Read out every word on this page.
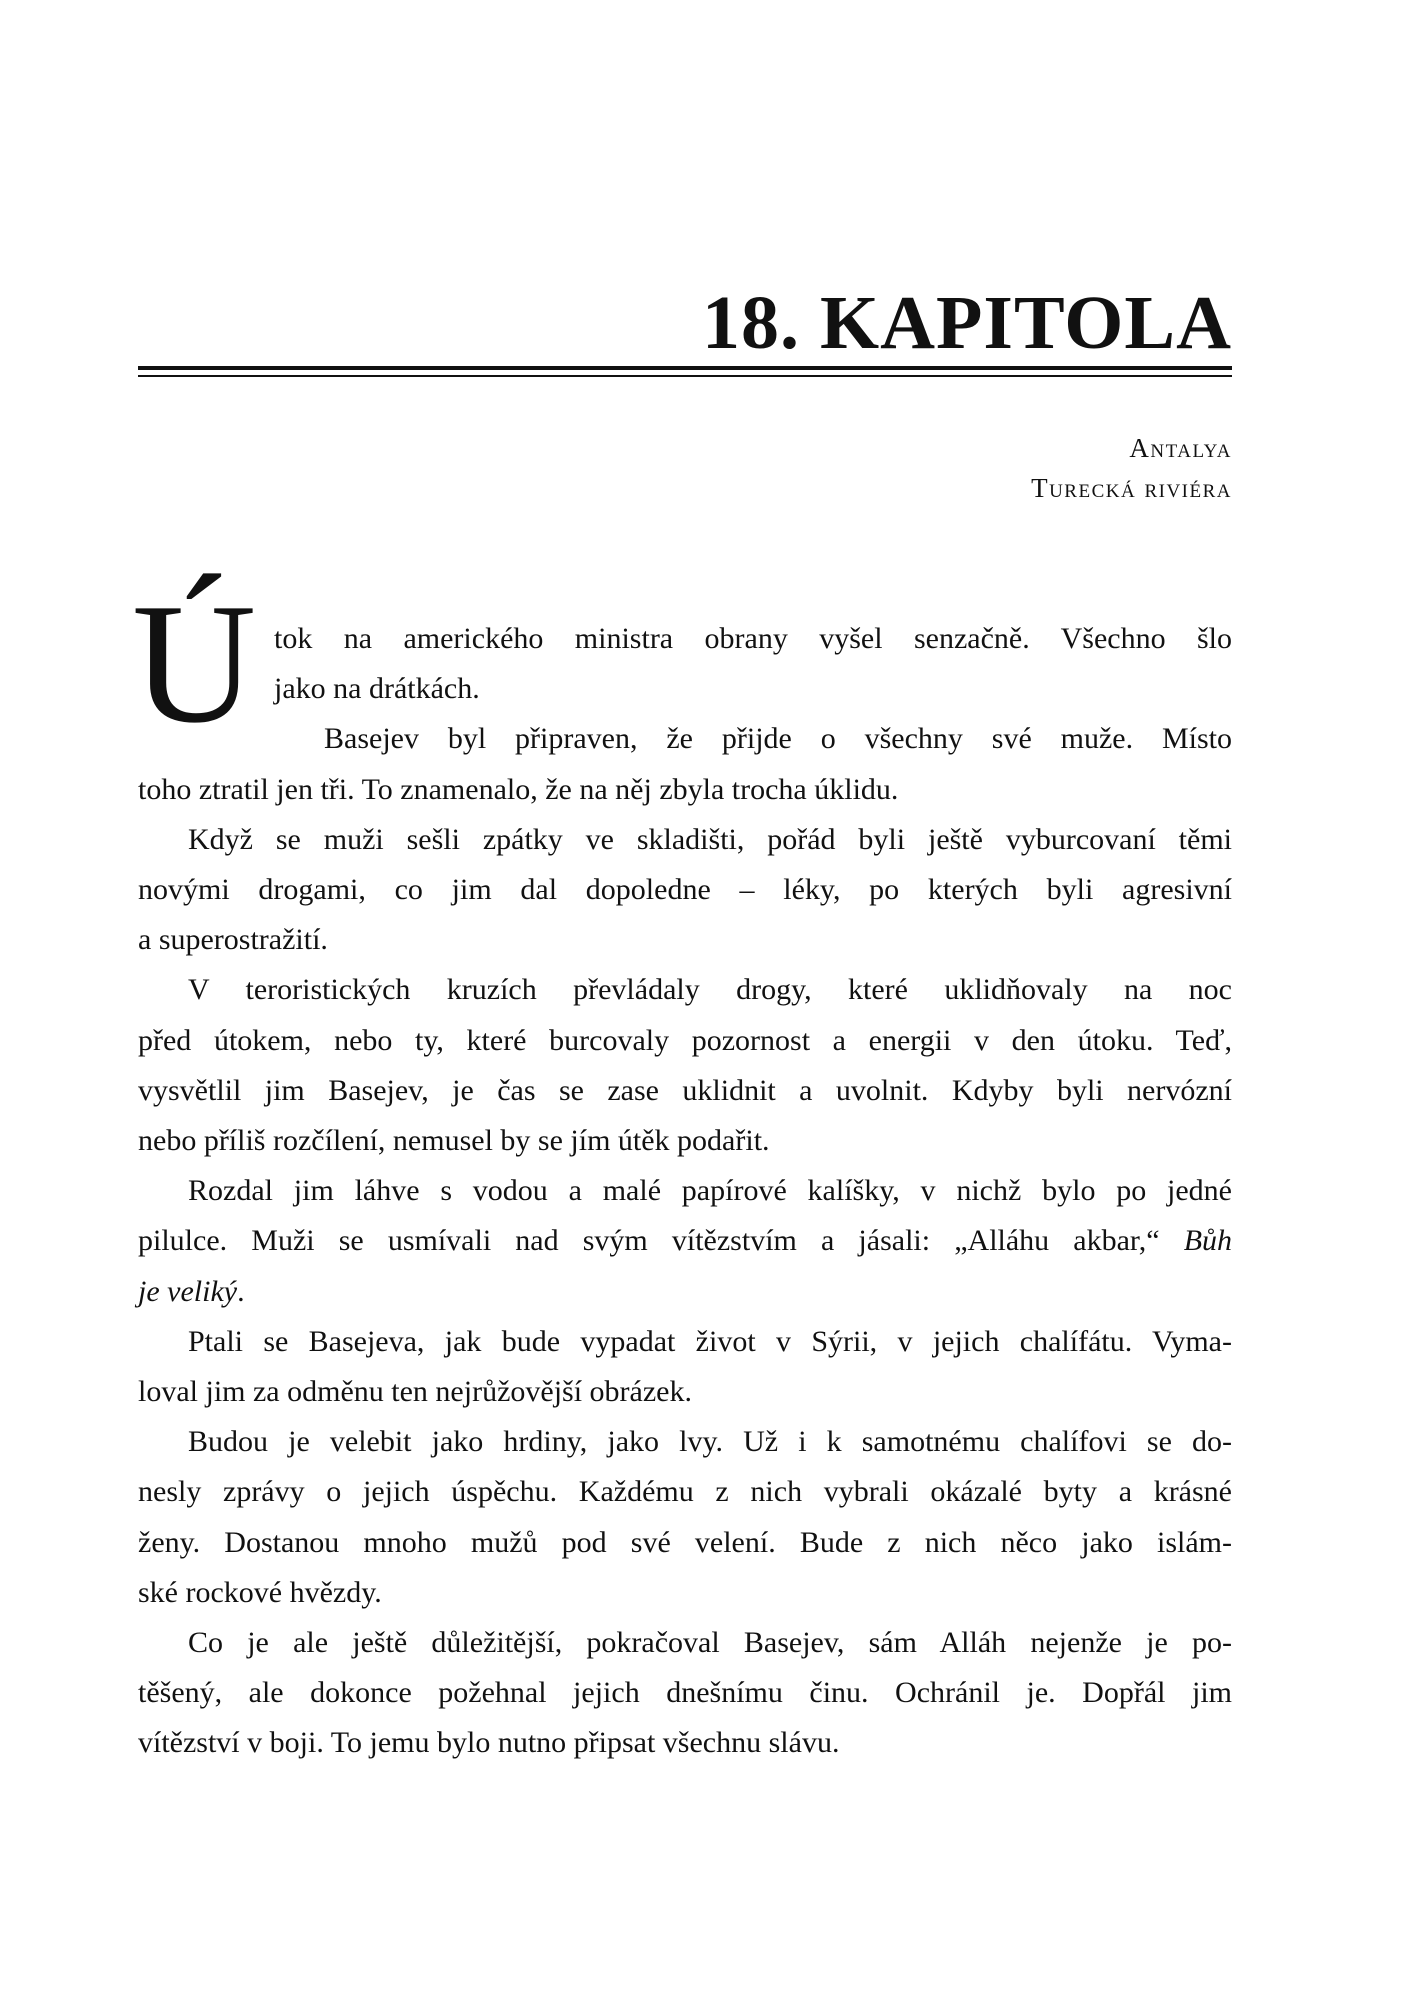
18. KAPITOLA
Antalya
Turecká riviéra
Ú tok na amerického ministra obrany vyšel senzačně. Všechno šlo
jako na drátkách.
Basejev byl připraven, že přijde o všechny své muže. Místo
toho ztratil jen tři. To znamenalo, že na něj zbyla trocha úklidu.
Když se muži sešli zpátky ve skladišti, pořád byli ještě vyburcovaní těmi
novými drogami, co jim dal dopoledne – léky, po kterých byli agresivní
a superostražití.
V teroristických kruzích převládaly drogy, které uklidňovaly na noc
před útokem, nebo ty, které burcovaly pozornost a energii v den útoku. Teď,
vysvětlil jim Basejev, je čas se zase uklidnit a uvolnit. Kdyby byli nervózní
nebo příliš rozčílení, nemusel by se jím útěk podařit.
Rozdal jim láhve s vodou a malé papírové kalíšky, v nichž bylo po jedné
pilulce. Muži se usmívali nad svým vítězstvím a jásali: „Alláhu akbar,“ Bůh
je veliký.
Ptali se Basejeva, jak bude vypadat život v Sýrii, v jejich chalífátu. Vyma-
loval jim za odměnu ten nejrůžovější obrázek.
Budou je velebit jako hrdiny, jako lvy. Už i k samotnému chalífovi se do-
nesly zprávy o jejich úspěchu. Každému z nich vybrali okázalé byty a krásné
ženy. Dostanou mnoho mužů pod své velení. Bude z nich něco jako islám-
ské rockové hvězdy.
Co je ale ještě důležitější, pokračoval Basejev, sám Alláh nejenže je po-
těšený, ale dokonce požehnal jejich dnešnímu činu. Ochránil je. Dopřál jim
vítězství v boji. To jemu bylo nutno připsat všechnu slávu.
